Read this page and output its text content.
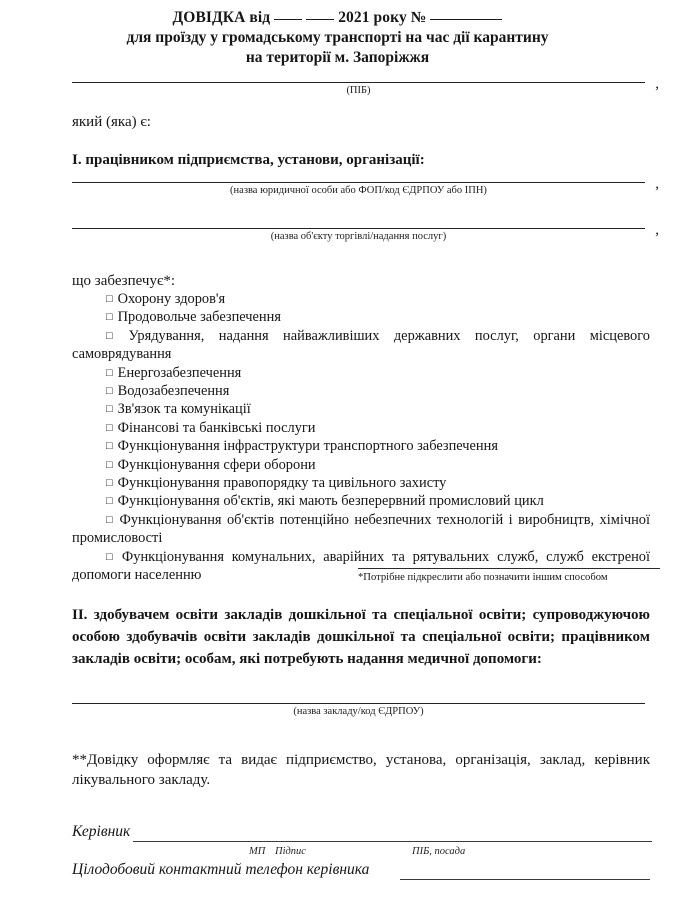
ДОВІДКА від	2021 року №
для проїзду у громадському транспорті на час дії карантину
на території м. Запоріжжя
,
(ПІБ)
який (яка) є:
I. працівником підприємства, установи, організації:
,
(назва юридичної особи або ФОП/код ЄДРПОУ або ІПН)
,
(назва об'єкту торгівлі/надання послуг)
що забезпечує*:
□ Охорону здоров'я
□ Продовольче забезпечення
□ Урядування, надання найважливіших державних послуг, органи місцевого самоврядування
□ Енергозабезпечення
□ Водозабезпечення
□ Зв'язок та комунікації
□ Фінансові та банківські послуги
□ Функціонування інфраструктури транспортного забезпечення
□ Функціонування сфери оборони
□ Функціонування правопорядку та цивільного захисту
□ Функціонування об'єктів, які мають безперервний промисловий цикл
□ Функціонування об'єктів потенційно небезпечних технологій і виробництв, хімічної промисловості
□ Функціонування комунальних, аварійних та рятувальних служб, служб екстреної допомоги населенню	*Потрібне підкреслити або позначити іншим способом
II. здобувачем освіти закладів дошкільної та спеціальної освіти; супроводжуючою особою здобувачів освіти закладів дошкільної та спеціальної освіти; працівником закладів освіти; особам, які потребують надання медичної допомоги:
(назва закладу/код ЄДРПОУ)
**Довідку оформляє та видає підприємство, установа, організація, заклад, керівник лікувального закладу.
Керівник
МП Підпис	ПІБ, посада
Цілодобовий контактний телефон керівника
